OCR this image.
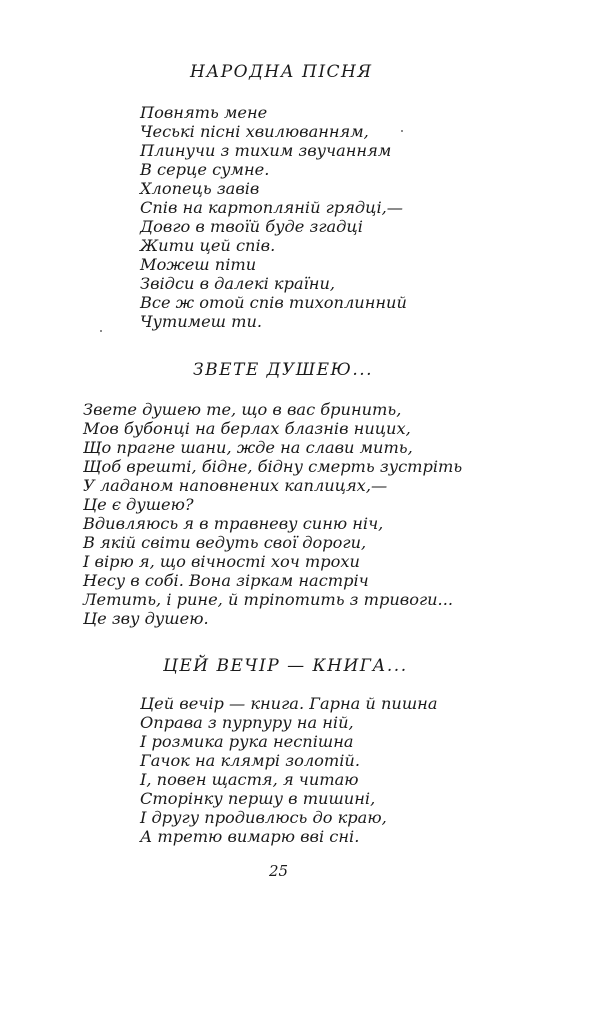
НАРОДНА ПІСНЯ
Повнять мене
Чеські пісні хвилюванням,
Плинучи з тихим звучанням
В серце сумне.
Хлопець завів
Спів на картопляній грядці,—
Довго в твоїй буде згадці
Жити цей спів.
Можеш піти
Звідси в далекі країни,
Все ж отой спів тихоплинний
Чутимеш ти.
ЗВЕТЕ ДУШЕЮ...
Звете душею те, що в вас бринить,
Мов бубонці на берлах блазнів ницих,
Що прагне шани, жде на слави мить,
Щоб врешті, бідне, бідну смерть зустріть
У ладаном наповнених каплицях,—
Це є душею?
Вдивляюсь я в травневу синю ніч,
В якій світи ведуть свої дороги,
І вірю я, що вічності хоч трохи
Несу в собі. Вона зіркам настріч
Летить, і рине, й тріпотить з тривоги...
Це зву душею.
ЦЕЙ ВЕЧІР — КНИГА...
Цей вечір — книга. Гарна й пишна
Оправа з пурпуру на ній,
І розмика рука неспішна
Гачок на клямрі золотій.
І, повен щастя, я читаю
Сторінку першу в тишині,
І другу продивлюсь до краю,
А третю вимарю вві сні.
25
